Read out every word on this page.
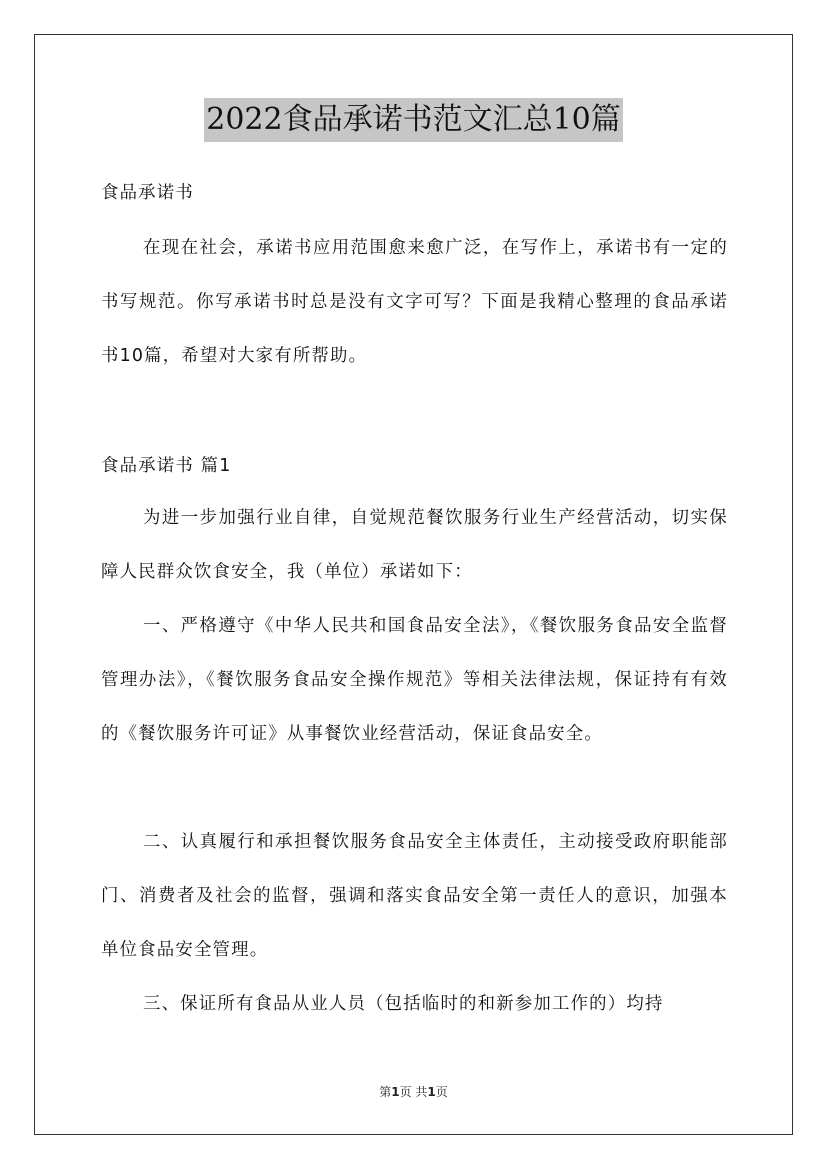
2022食品承诺书范文汇总10篇

食品承诺书

在现在社会，承诺书应用范围愈来愈广泛，在写作上，承诺书有一定的书写规范。你写承诺书时总是没有文字可写？下面是我精心整理的食品承诺书10篇，希望对大家有所帮助。

食品承诺书 篇1

为进一步加强行业自律，自觉规范餐饮服务行业生产经营活动，切实保障人民群众饮食安全，我（单位）承诺如下：

一、严格遵守《中华人民共和国食品安全法》，《餐饮服务食品安全监督管理办法》，《餐饮服务食品安全操作规范》等相关法律法规，保证持有有效的《餐饮服务许可证》从事餐饮业经营活动，保证食品安全。

二、认真履行和承担餐饮服务食品安全主体责任，主动接受政府职能部门、消费者及社会的监督，强调和落实食品安全第一责任人的意识，加强本单位食品安全管理。

三、保证所有食品从业人员（包括临时的和新参加工作的）均持

第1页 共1页
